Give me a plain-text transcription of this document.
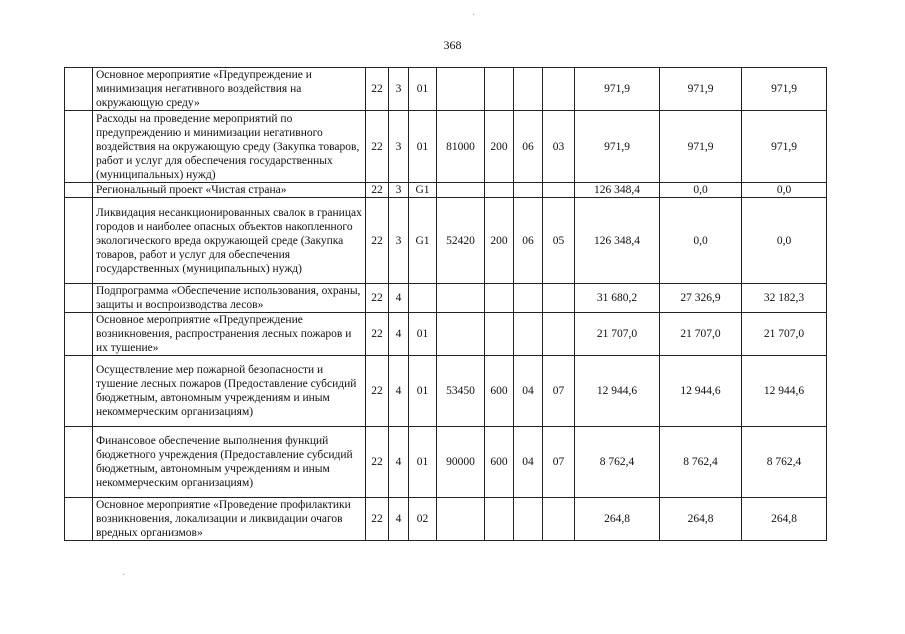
368
	Основное мероприятие «Предупреждение и минимизация негативного воздействия на окружающую среду»	22	3	01					971,9	971,9	971,9
	Расходы на проведение мероприятий по предупреждению и минимизации негативного воздействия на окружающую среду (Закупка товаров, работ и услуг для обеспечения государственных (муниципальных) нужд)	22	3	01	81000	200	06	03	971,9	971,9	971,9
	Региональный проект «Чистая страна»	22	3	G1					126 348,4	0,0	0,0
	Ликвидация несанкционированных свалок в границах городов и наиболее опасных объектов накопленного экологического вреда окружающей среде (Закупка товаров, работ и услуг для обеспечения государственных (муниципальных) нужд)	22	3	G1	52420	200	06	05	126 348,4	0,0	0,0
	Подпрограмма «Обеспечение использования, охраны, защиты и воспроизводства лесов»	22	4						31 680,2	27 326,9	32 182,3
	Основное мероприятие «Предупреждение возникновения, распространения лесных пожаров и их тушение»	22	4	01					21 707,0	21 707,0	21 707,0
	Осуществление мер пожарной безопасности и тушение лесных пожаров (Предоставление субсидий бюджетным, автономным учреждениям и иным некоммерческим организациям)	22	4	01	53450	600	04	07	12 944,6	12 944,6	12 944,6
	Финансовое обеспечение выполнения функций бюджетного учреждения (Предоставление субсидий бюджетным, автономным учреждениям и иным некоммерческим организациям)	22	4	01	90000	600	04	07	8 762,4	8 762,4	8 762,4
	Основное мероприятие «Проведение профилактики возникновения, локализации и ликвидации очагов вредных организмов»	22	4	02					264,8	264,8	264,8
·
·
